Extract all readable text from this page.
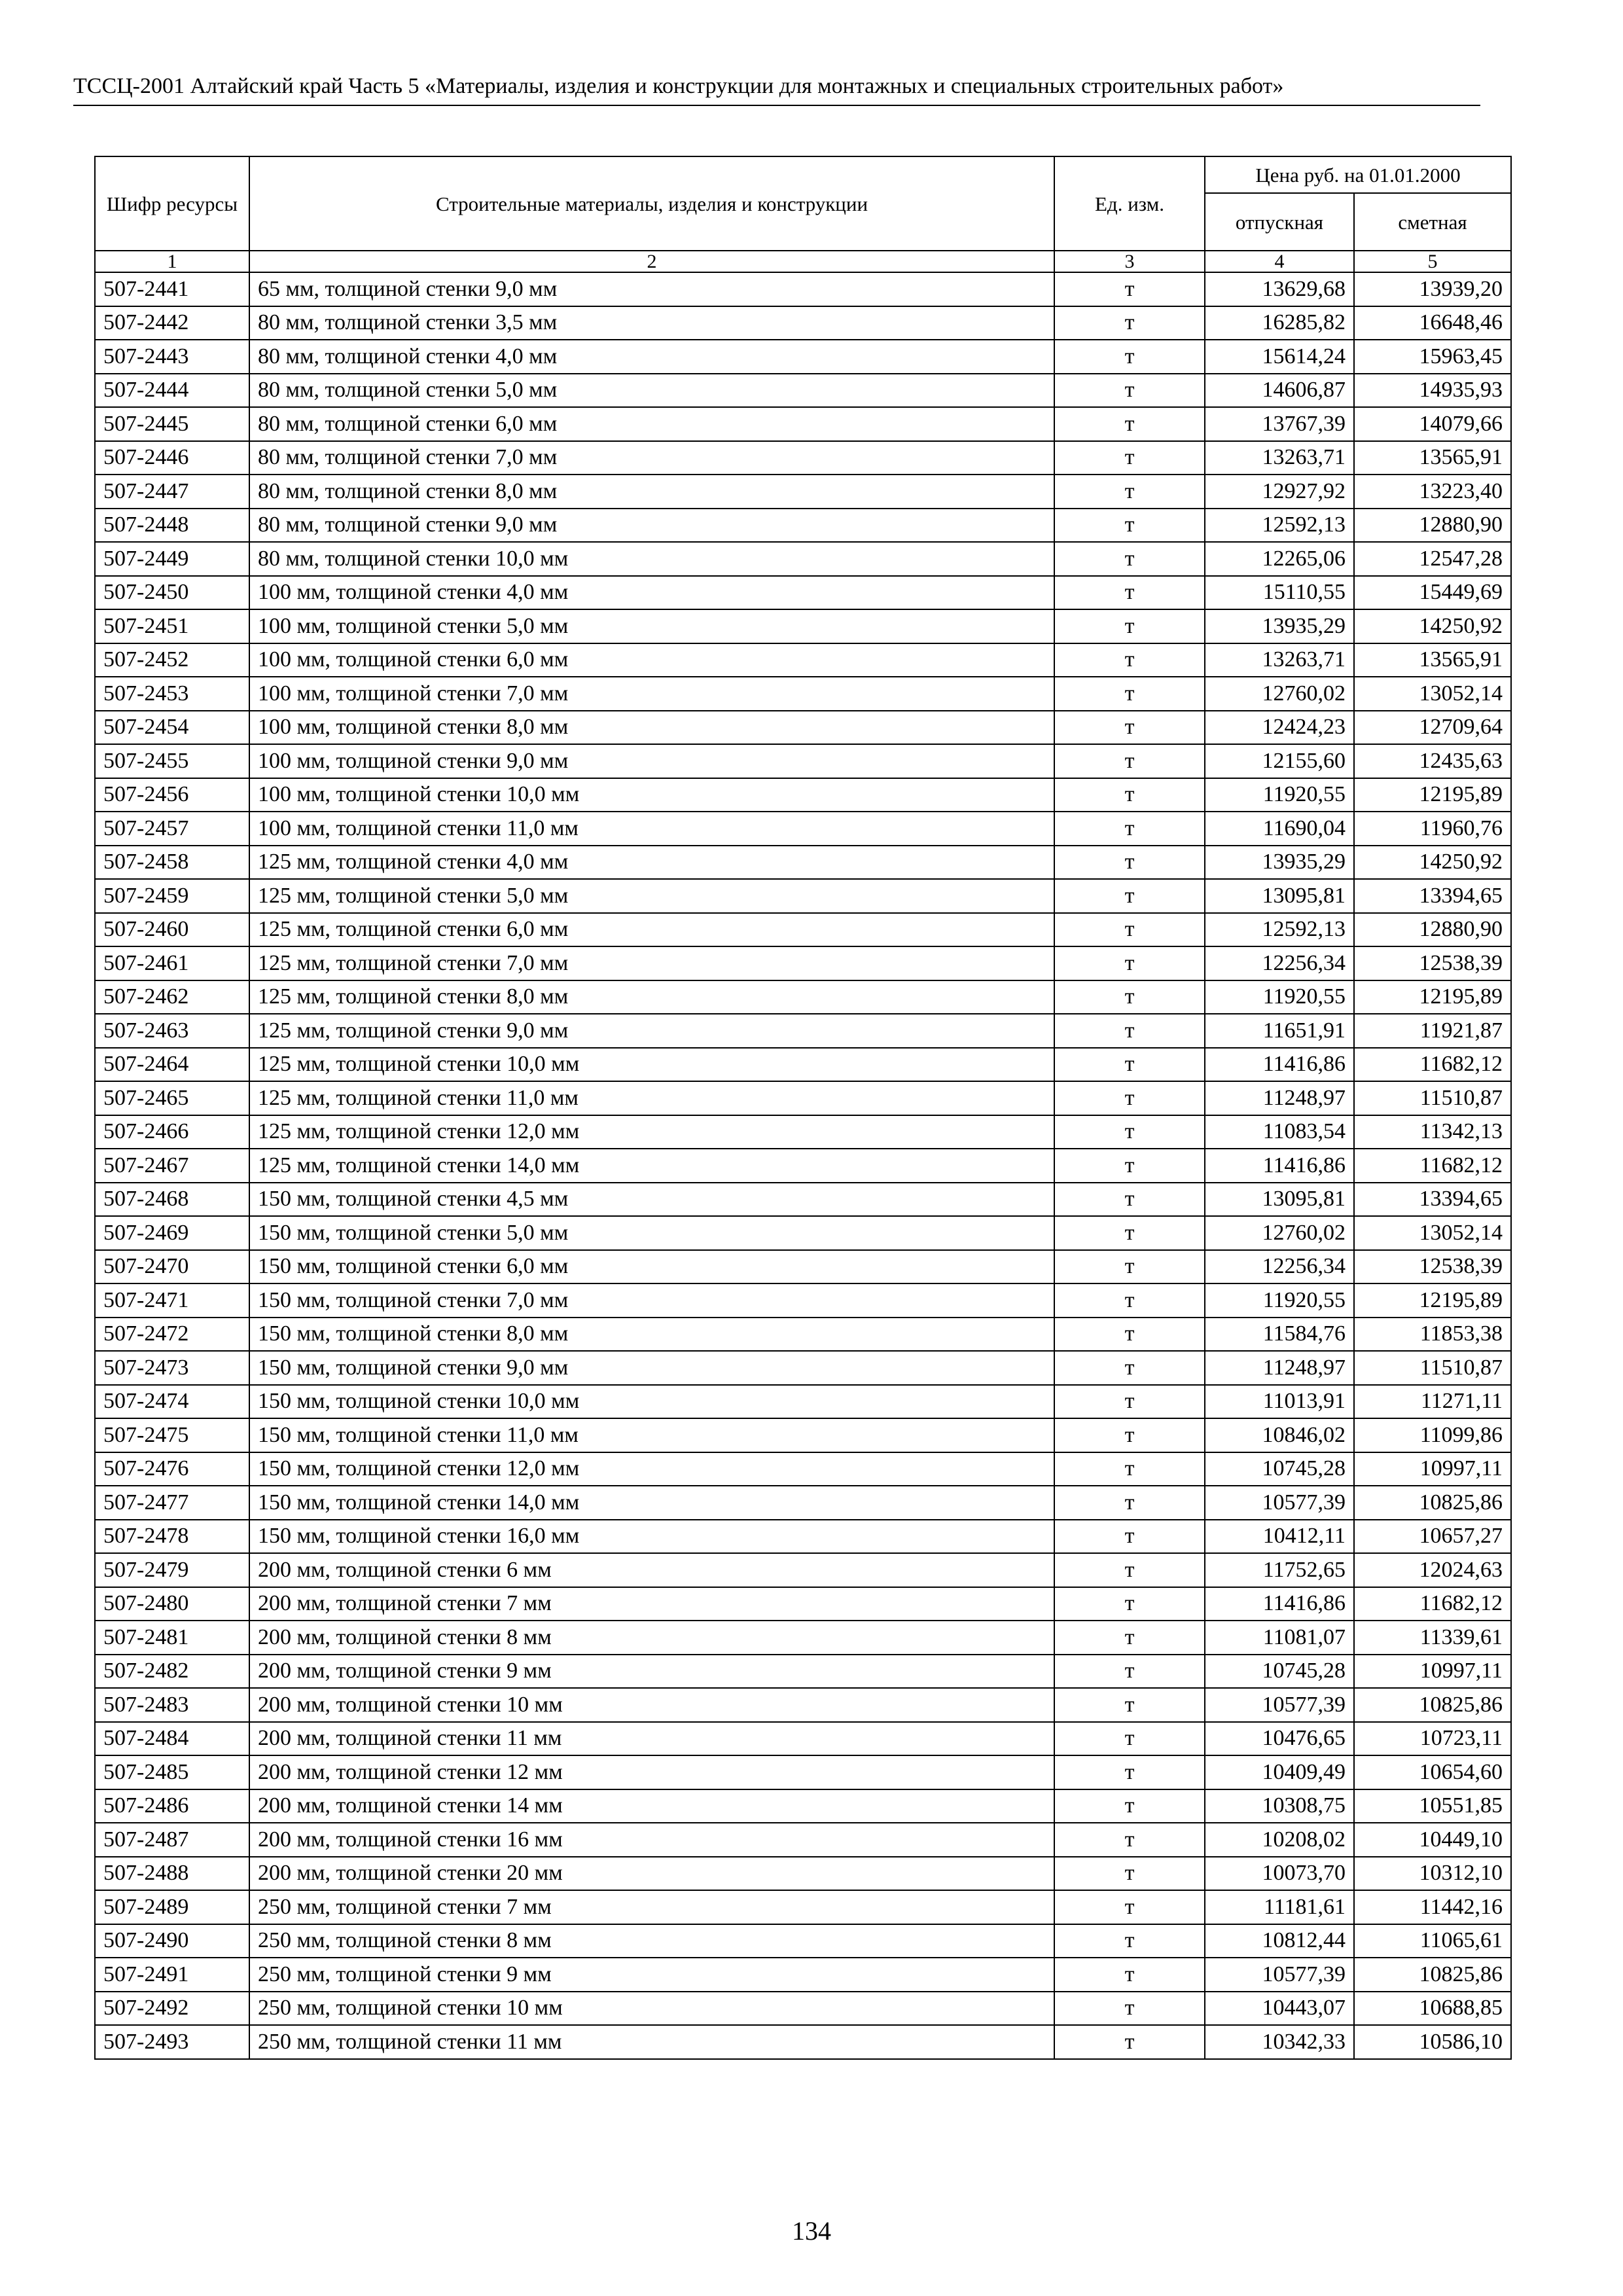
ТССЦ-2001 Алтайский край Часть 5 «Материалы, изделия и конструкции для монтажных и специальных строительных работ»
Шифр ресурсы	Строительные материалы, изделия и конструкции	Ед. изм.	Цена руб. на 01.01.2000	
			отпускная	сметная
1	2	3	4	5
507-2441	65 мм, толщиной стенки 9,0 мм	т	13629,68	13939,20
507-2442	80 мм, толщиной стенки 3,5 мм	т	16285,82	16648,46
507-2443	80 мм, толщиной стенки 4,0 мм	т	15614,24	15963,45
507-2444	80 мм, толщиной стенки 5,0 мм	т	14606,87	14935,93
507-2445	80 мм, толщиной стенки 6,0 мм	т	13767,39	14079,66
507-2446	80 мм, толщиной стенки 7,0 мм	т	13263,71	13565,91
507-2447	80 мм, толщиной стенки 8,0 мм	т	12927,92	13223,40
507-2448	80 мм, толщиной стенки 9,0 мм	т	12592,13	12880,90
507-2449	80 мм, толщиной стенки 10,0 мм	т	12265,06	12547,28
507-2450	100 мм, толщиной стенки 4,0 мм	т	15110,55	15449,69
507-2451	100 мм, толщиной стенки 5,0 мм	т	13935,29	14250,92
507-2452	100 мм, толщиной стенки 6,0 мм	т	13263,71	13565,91
507-2453	100 мм, толщиной стенки 7,0 мм	т	12760,02	13052,14
507-2454	100 мм, толщиной стенки 8,0 мм	т	12424,23	12709,64
507-2455	100 мм, толщиной стенки 9,0 мм	т	12155,60	12435,63
507-2456	100 мм, толщиной стенки 10,0 мм	т	11920,55	12195,89
507-2457	100 мм, толщиной стенки 11,0 мм	т	11690,04	11960,76
507-2458	125 мм, толщиной стенки 4,0 мм	т	13935,29	14250,92
507-2459	125 мм, толщиной стенки 5,0 мм	т	13095,81	13394,65
507-2460	125 мм, толщиной стенки 6,0 мм	т	12592,13	12880,90
507-2461	125 мм, толщиной стенки 7,0 мм	т	12256,34	12538,39
507-2462	125 мм, толщиной стенки 8,0 мм	т	11920,55	12195,89
507-2463	125 мм, толщиной стенки 9,0 мм	т	11651,91	11921,87
507-2464	125 мм, толщиной стенки 10,0 мм	т	11416,86	11682,12
507-2465	125 мм, толщиной стенки 11,0 мм	т	11248,97	11510,87
507-2466	125 мм, толщиной стенки 12,0 мм	т	11083,54	11342,13
507-2467	125 мм, толщиной стенки 14,0 мм	т	11416,86	11682,12
507-2468	150 мм, толщиной стенки 4,5 мм	т	13095,81	13394,65
507-2469	150 мм, толщиной стенки 5,0 мм	т	12760,02	13052,14
507-2470	150 мм, толщиной стенки 6,0 мм	т	12256,34	12538,39
507-2471	150 мм, толщиной стенки 7,0 мм	т	11920,55	12195,89
507-2472	150 мм, толщиной стенки 8,0 мм	т	11584,76	11853,38
507-2473	150 мм, толщиной стенки 9,0 мм	т	11248,97	11510,87
507-2474	150 мм, толщиной стенки 10,0 мм	т	11013,91	11271,11
507-2475	150 мм, толщиной стенки 11,0 мм	т	10846,02	11099,86
507-2476	150 мм, толщиной стенки 12,0 мм	т	10745,28	10997,11
507-2477	150 мм, толщиной стенки 14,0 мм	т	10577,39	10825,86
507-2478	150 мм, толщиной стенки 16,0 мм	т	10412,11	10657,27
507-2479	200 мм, толщиной стенки 6 мм	т	11752,65	12024,63
507-2480	200 мм, толщиной стенки 7 мм	т	11416,86	11682,12
507-2481	200 мм, толщиной стенки 8 мм	т	11081,07	11339,61
507-2482	200 мм, толщиной стенки 9 мм	т	10745,28	10997,11
507-2483	200 мм, толщиной стенки 10 мм	т	10577,39	10825,86
507-2484	200 мм, толщиной стенки 11 мм	т	10476,65	10723,11
507-2485	200 мм, толщиной стенки 12 мм	т	10409,49	10654,60
507-2486	200 мм, толщиной стенки 14 мм	т	10308,75	10551,85
507-2487	200 мм, толщиной стенки 16 мм	т	10208,02	10449,10
507-2488	200 мм, толщиной стенки 20 мм	т	10073,70	10312,10
507-2489	250 мм, толщиной стенки 7 мм	т	11181,61	11442,16
507-2490	250 мм, толщиной стенки 8 мм	т	10812,44	11065,61
507-2491	250 мм, толщиной стенки 9 мм	т	10577,39	10825,86
507-2492	250 мм, толщиной стенки 10 мм	т	10443,07	10688,85
507-2493	250 мм, толщиной стенки 11 мм	т	10342,33	10586,10
134
